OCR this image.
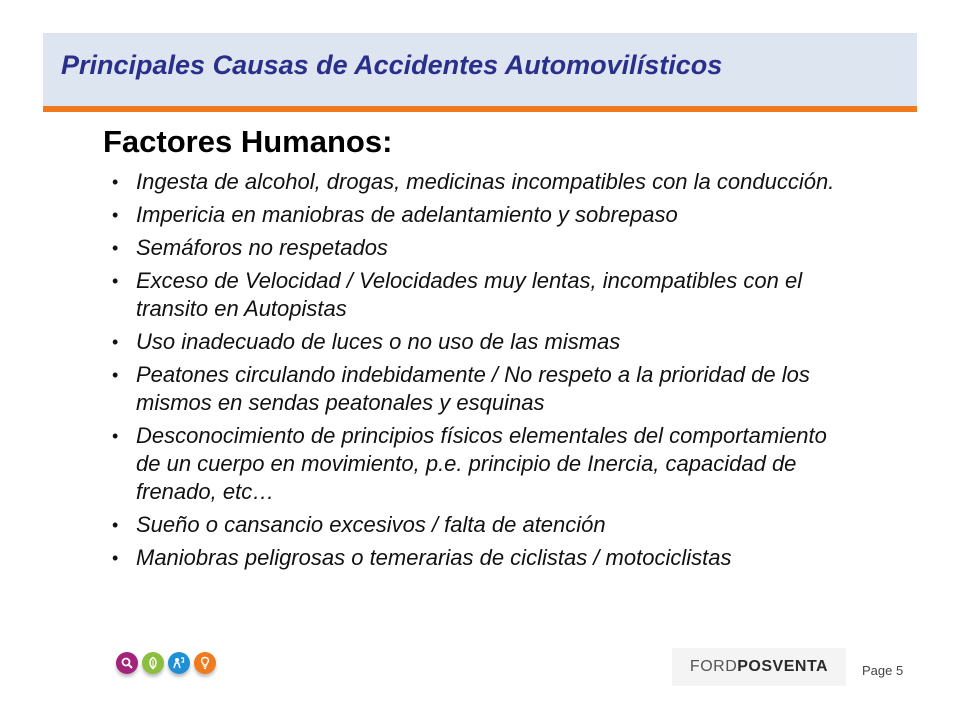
Principales Causas de Accidentes Automovilísticos
Factores Humanos:
• Ingesta de alcohol, drogas, medicinas incompatibles con la conducción.
• Impericia en maniobras de adelantamiento y sobrepaso
• Semáforos no respetados
• Exceso de Velocidad / Velocidades muy lentas, incompatibles con el transito en Autopistas
• Uso inadecuado de luces o no uso de las mismas
• Peatones circulando indebidamente / No respeto a la prioridad de los mismos en sendas peatonales y esquinas
• Desconocimiento de principios físicos elementales del comportamiento de un cuerpo en movimiento, p.e. principio de Inercia, capacidad de frenado, etc…
• Sueño o cansancio excesivos / falta de atención
• Maniobras peligrosas o temerarias de ciclistas / motociclistas
FORD POSVENTA	Page 5
